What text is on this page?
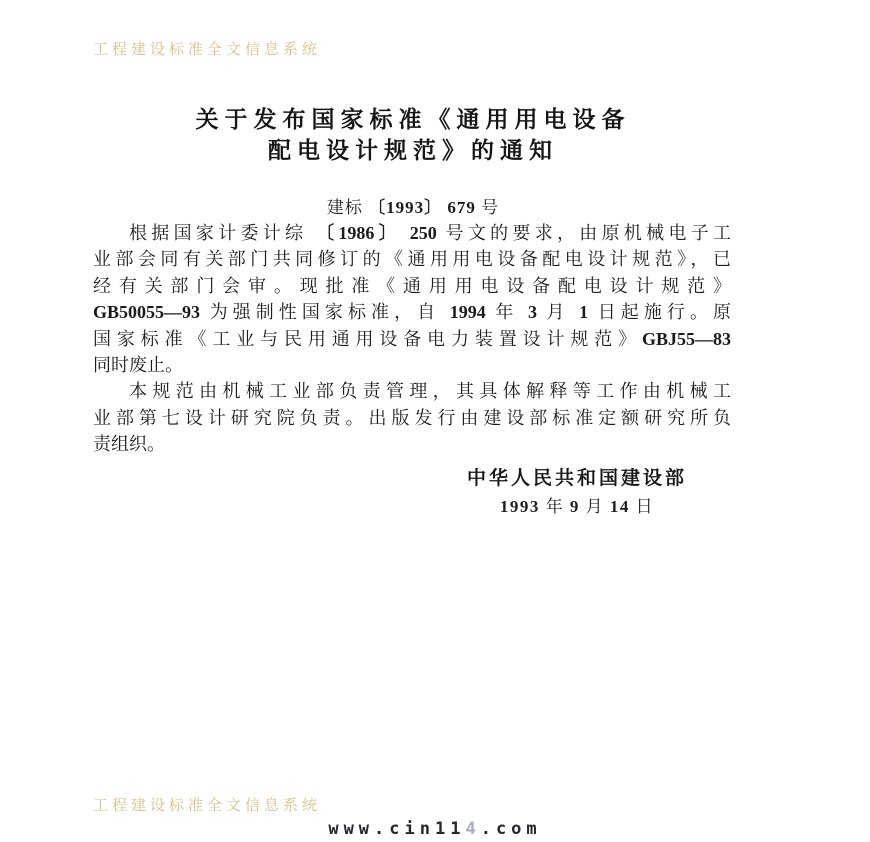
工程建设标准全文信息系统
关于发布国家标准《通用用电设备
配电设计规范》的通知
建标 〔1993〕 679 号
根据国家计委计综 〔1986〕 250 号文的要求，由原机械电子工
业部会同有关部门共同修订的《通用用电设备配电设计规范》，已
经有关部门会审。现批准《通用用电设备配电设计规范》
GB50055—93 为强制性国家标准，自 1994 年 3 月 1 日起施行。原
国家标准《工业与民用通用设备电力装置设计规范》GBJ55—83
同时废止。
本规范由机械工业部负责管理，其具体解释等工作由机械工
业部第七设计研究院负责。出版发行由建设部标准定额研究所负
责组织。
中华人民共和国建设部
1993 年 9 月 14 日
工程建设标准全文信息系统
www.cin114.com
